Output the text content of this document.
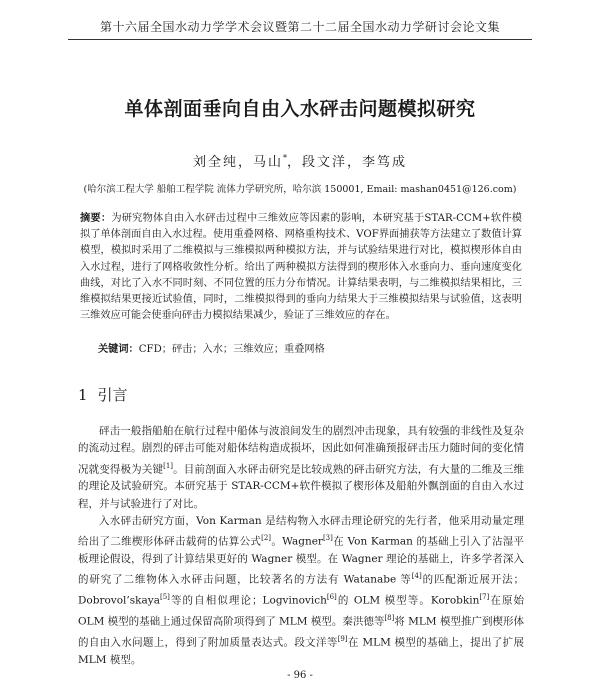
第十六届全国水动力学学术会议暨第二十二届全国水动力学研讨会论文集
单体剖面垂向自由入水砰击问题模拟研究
刘全纯，马山*，段文洋，李笃成
(哈尔滨工程大学 船舶工程学院 流体力学研究所，哈尔滨 150001, Email: mashan0451@126.com)

摘要：为研究物体自由入水砰击过程中三维效应等因素的影响，本研究基于STAR-CCM+软件模拟了单体剖面自由入水过程。使用重叠网格、网格重构技术、VOF界面捕获等方法建立了数值计算模型，模拟时采用了二维模拟与三维模拟两种模拟方法，并与试验结果进行对比，模拟楔形体自由入水过程，进行了网格收敛性分析。给出了两种模拟方法得到的楔形体入水垂向力、垂向速度变化曲线，对比了入水不同时刻、不同位置的压力分布情况。计算结果表明，与二维模拟结果相比，三维模拟结果更接近试验值，同时，二维模拟得到的垂向力结果大于三维模拟结果与试验值，这表明三维效应可能会使垂向砰击力模拟结果减少，验证了三维效应的存在。

关键词：CFD；砰击；入水；三维效应；重叠网格
1 引言

砰击一般指船舶在航行过程中船体与波浪间发生的剧烈冲击现象，具有较强的非线性及复杂的流动过程。剧烈的砰击可能对船体结构造成损坏，因此如何准确预报砰击压力随时间的变化情况就变得极为关键[1]。目前剖面入水砰击研究是比较成熟的砰击研究方法，有大量的二维及三维的理论及试验研究。本研究基于 STAR-CCM+软件模拟了楔形体及船舶外飘剖面的自由入水过程，并与试验进行了对比。

入水砰击研究方面，Von Karman 是结构物入水砰击理论研究的先行者，他采用动量定理给出了二维楔形体砰击载荷的估算公式[2]。Wagner[3]在 Von Karman 的基础上引入了沾湿平板理论假设，得到了计算结果更好的 Wagner 模型。在 Wagner 理论的基础上，许多学者深入的研究了二维物体入水砰击问题，比较著名的方法有 Watanabe 等[4]的匹配渐近展开法；Dobrovol’skaya[5]等的自相似理论；Logvinovich[6]的 OLM 模型等。Korobkin[7]在原始 OLM 模型的基础上通过保留高阶项得到了 MLM 模型。秦洪德等[8]将 MLM 模型推广到楔形体的自由入水问题上，得到了附加质量表达式。段文洋等[9]在 MLM 模型的基础上，提出了扩展 MLM 模型。

- 96 -
